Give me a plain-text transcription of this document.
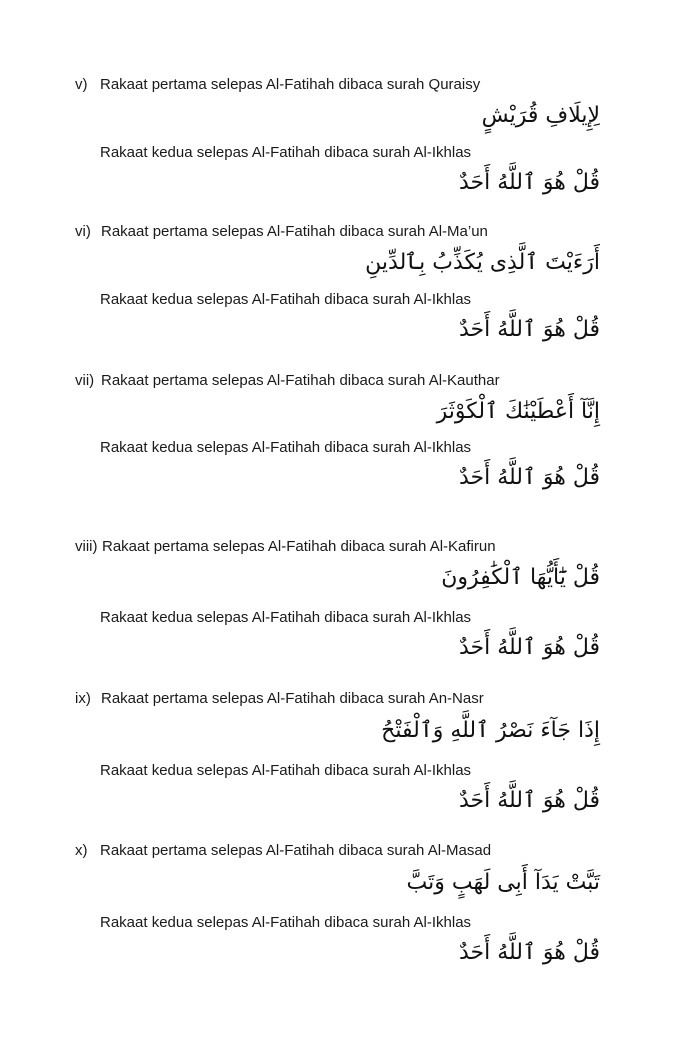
v) Rakaat pertama selepas Al-Fatihah dibaca surah Quraisy
لِإِيلَافِ قُرَيْشٍ
Rakaat kedua selepas Al-Fatihah dibaca surah Al-Ikhlas
قُلْ هُوَ ٱللَّهُ أَحَدٌ
vi) Rakaat pertama selepas Al-Fatihah dibaca surah Al-Ma’un
أَرَءَيْتَ ٱلَّذِى يُكَذِّبُ بِٱلدِّينِ
Rakaat kedua selepas Al-Fatihah dibaca surah Al-Ikhlas
قُلْ هُوَ ٱللَّهُ أَحَدٌ
vii) Rakaat pertama selepas Al-Fatihah dibaca surah Al-Kauthar
إِنَّآ أَعْطَيْنَٰكَ ٱلْكَوْثَرَ
Rakaat kedua selepas Al-Fatihah dibaca surah Al-Ikhlas
قُلْ هُوَ ٱللَّهُ أَحَدٌ
viii) Rakaat pertama selepas Al-Fatihah dibaca surah Al-Kafirun
قُلْ يَٰٓأَيُّهَا ٱلْكَٰفِرُونَ
Rakaat kedua selepas Al-Fatihah dibaca surah Al-Ikhlas
قُلْ هُوَ ٱللَّهُ أَحَدٌ
ix) Rakaat pertama selepas Al-Fatihah dibaca surah An-Nasr
إِذَا جَآءَ نَصْرُ ٱللَّهِ وَٱلْفَتْحُ
Rakaat kedua selepas Al-Fatihah dibaca surah Al-Ikhlas
قُلْ هُوَ ٱللَّهُ أَحَدٌ
x) Rakaat pertama selepas Al-Fatihah dibaca surah Al-Masad
تَبَّتْ يَدَآ أَبِى لَهَبٍ وَتَبَّ
Rakaat kedua selepas Al-Fatihah dibaca surah Al-Ikhlas
قُلْ هُوَ ٱللَّهُ أَحَدٌ
